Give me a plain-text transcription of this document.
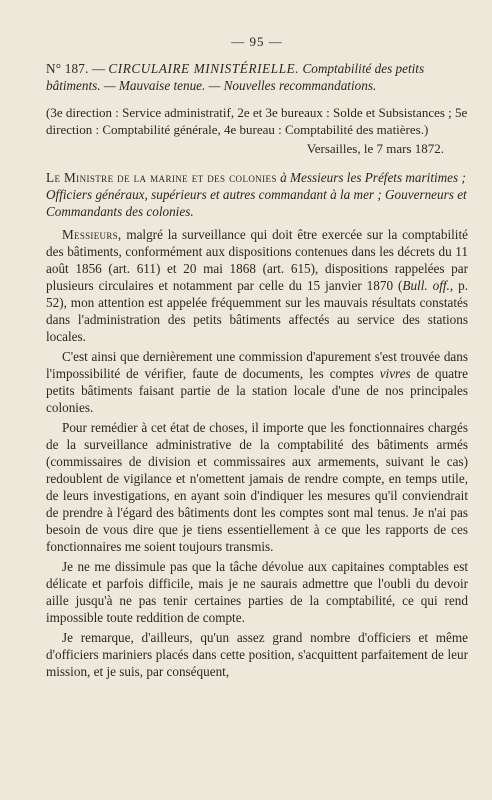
— 95 —
N° 187. — CIRCULAIRE MINISTÉRIELLE. Comptabilité des petits bâtiments. — Mauvaise tenue. — Nouvelles recommandations.
(3e direction : Service administratif, 2e et 3e bureaux : Solde et Subsistances ; 5e direction : Comptabilité générale, 4e bureau : Comptabilité des matières.)
Versailles, le 7 mars 1872.
Le Ministre de la marine et des colonies à Messieurs les Préfets maritimes ; Officiers généraux, supérieurs et autres commandant à la mer ; Gouverneurs et Commandants des colonies.

Messieurs, malgré la surveillance qui doit être exercée sur la comptabilité des bâtiments, conformément aux dispositions contenues dans les décrets du 11 août 1856 (art. 611) et 20 mai 1868 (art. 615), dispositions rappelées par plusieurs circulaires et notamment par celle du 15 janvier 1870 (Bull. off., p. 52), mon attention est appelée fréquemment sur les mauvais résultats constatés dans l'administration des petits bâtiments affectés au service des stations locales.

C'est ainsi que dernièrement une commission d'apurement s'est trouvée dans l'impossibilité de vérifier, faute de documents, les comptes vivres de quatre petits bâtiments faisant partie de la station locale d'une de nos principales colonies.

Pour remédier à cet état de choses, il importe que les fonctionnaires chargés de la surveillance administrative de la comptabilité des bâtiments armés (commissaires de division et commissaires aux armements, suivant le cas) redoublent de vigilance et n'omettent jamais de rendre compte, en temps utile, de leurs investigations, en ayant soin d'indiquer les mesures qu'il conviendrait de prendre à l'égard des bâtiments dont les comptes sont mal tenus. Je n'ai pas besoin de vous dire que je tiens essentiellement à ce que les rapports de ces fonctionnaires me soient toujours transmis.

Je ne me dissimule pas que la tâche dévolue aux capitaines comptables est délicate et parfois difficile, mais je ne saurais admettre que l'oubli du devoir aille jusqu'à ne pas tenir certaines parties de la comptabilité, ce qui rend impossible toute reddition de compte.

Je remarque, d'ailleurs, qu'un assez grand nombre d'officiers et même d'officiers mariniers placés dans cette position, s'acquittent parfaitement de leur mission, et je suis, par conséquent,
